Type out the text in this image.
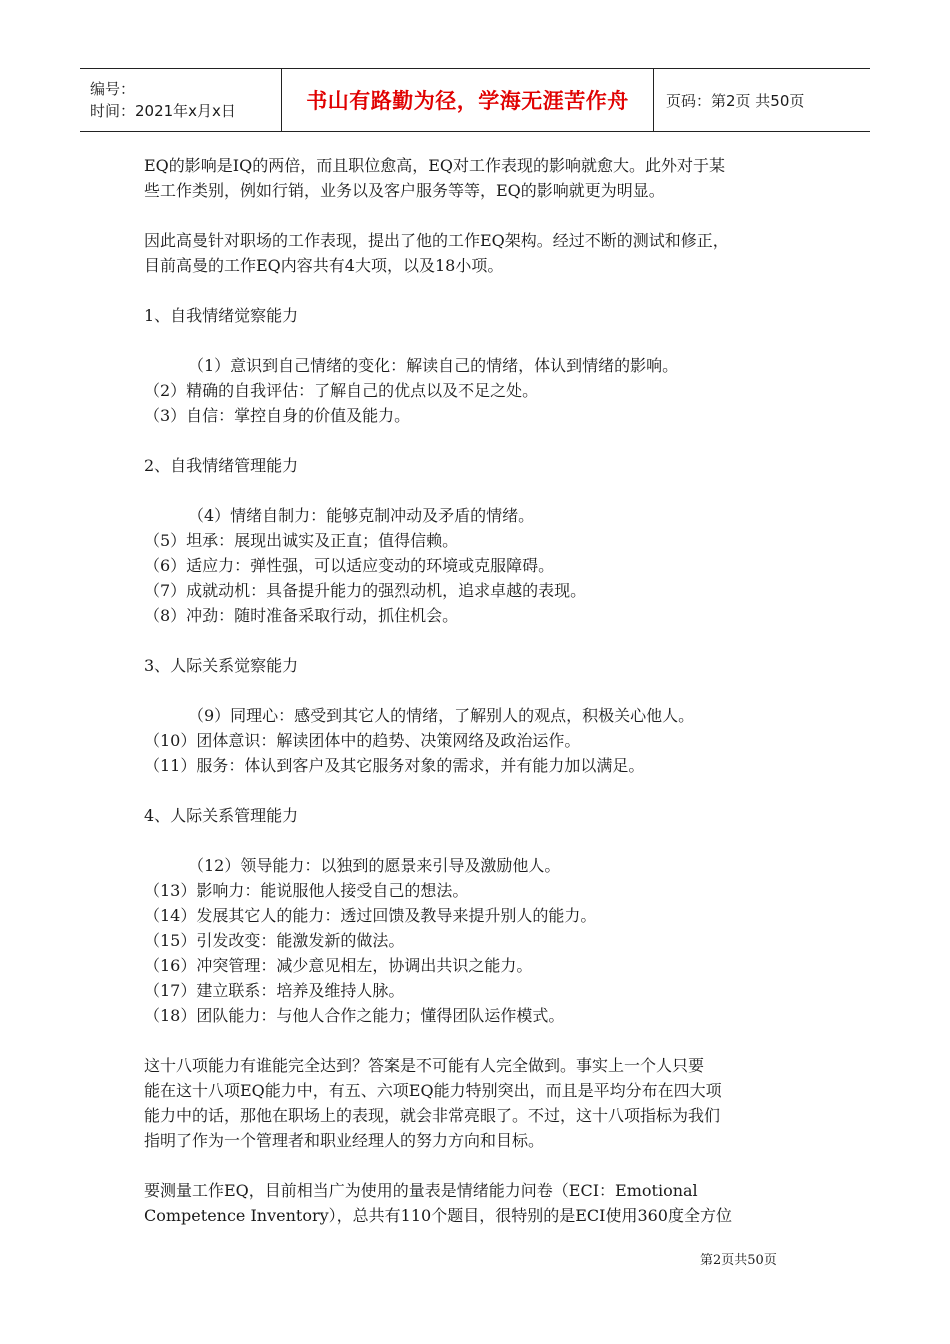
编号：
时间：2021年x月x日	书山有路勤为径，学海无涯苦作舟	页码：第2页 共50页

EQ的影响是IQ的两倍，而且职位愈高，EQ对工作表现的影响就愈大。此外对于某

些工作类别，例如行销，业务以及客户服务等等，EQ的影响就更为明显。

因此高曼针对职场的工作表现，提出了他的工作EQ架构。经过不断的测试和修正，

目前高曼的工作EQ内容共有4大项，以及18小项。

1、自我情绪觉察能力

（1）意识到自己情绪的变化：解读自己的情绪，体认到情绪的影响。

（2）精确的自我评估：了解自己的优点以及不足之处。

（3）自信：掌控自身的价值及能力。

2、自我情绪管理能力

（4）情绪自制力：能够克制冲动及矛盾的情绪。

（5）坦承：展现出诚实及正直；值得信赖。

（6）适应力：弹性强，可以适应变动的环境或克服障碍。

（7）成就动机：具备提升能力的强烈动机，追求卓越的表现。

（8）冲劲：随时准备采取行动，抓住机会。

3、人际关系觉察能力

（9）同理心：感受到其它人的情绪，了解别人的观点，积极关心他人。

（10）团体意识：解读团体中的趋势、决策网络及政治运作。

（11）服务：体认到客户及其它服务对象的需求，并有能力加以满足。

4、人际关系管理能力

（12）领导能力：以独到的愿景来引导及激励他人。

（13）影响力：能说服他人接受自己的想法。

（14）发展其它人的能力：透过回馈及教导来提升别人的能力。

（15）引发改变：能激发新的做法。

（16）冲突管理：减少意见相左，协调出共识之能力。

（17）建立联系：培养及维持人脉。

（18）团队能力：与他人合作之能力；懂得团队运作模式。

这十八项能力有谁能完全达到？答案是不可能有人完全做到。事实上一个人只要

能在这十八项EQ能力中，有五、六项EQ能力特别突出，而且是平均分布在四大项

能力中的话，那他在职场上的表现，就会非常亮眼了。不过，这十八项指标为我们

指明了作为一个管理者和职业经理人的努力方向和目标。

要测量工作EQ，目前相当广为使用的量表是情绪能力问卷（ECI：Emotional

Competence Inventory），总共有110个题目，很特别的是ECI使用360度全方位

第2页共50页
